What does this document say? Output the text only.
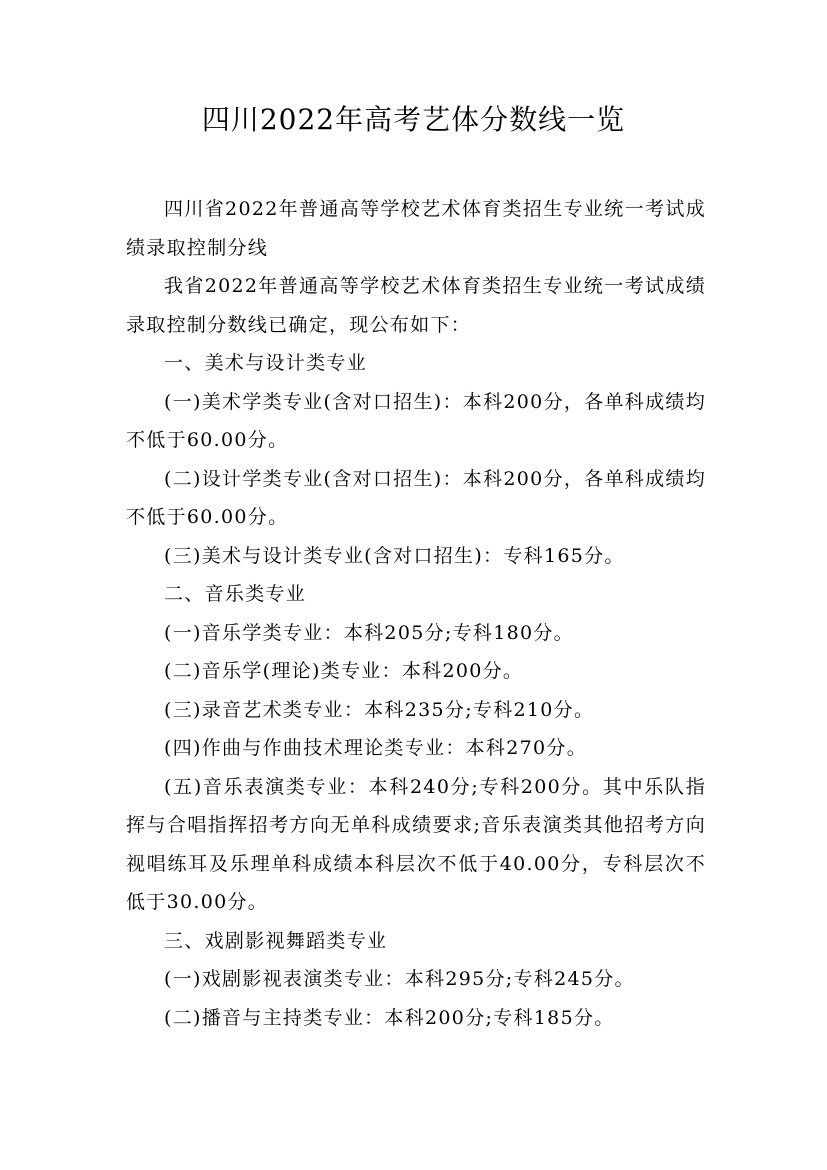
四川2022年高考艺体分数线一览

四川省2022年普通高等学校艺术体育类招生专业统一考试成绩录取控制分线

我省2022年普通高等学校艺术体育类招生专业统一考试成绩录取控制分数线已确定，现公布如下：

一、美术与设计类专业

(一)美术学类专业(含对口招生)：本科200分，各单科成绩均不低于60.00分。

(二)设计学类专业(含对口招生)：本科200分，各单科成绩均不低于60.00分。

(三)美术与设计类专业(含对口招生)：专科165分。

二、音乐类专业

(一)音乐学类专业：本科205分;专科180分。

(二)音乐学(理论)类专业：本科200分。

(三)录音艺术类专业：本科235分;专科210分。

(四)作曲与作曲技术理论类专业：本科270分。

(五)音乐表演类专业：本科240分;专科200分。其中乐队指挥与合唱指挥招考方向无单科成绩要求;音乐表演类其他招考方向视唱练耳及乐理单科成绩本科层次不低于40.00分，专科层次不低于30.00分。

三、戏剧影视舞蹈类专业

(一)戏剧影视表演类专业：本科295分;专科245分。

(二)播音与主持类专业：本科200分;专科185分。
